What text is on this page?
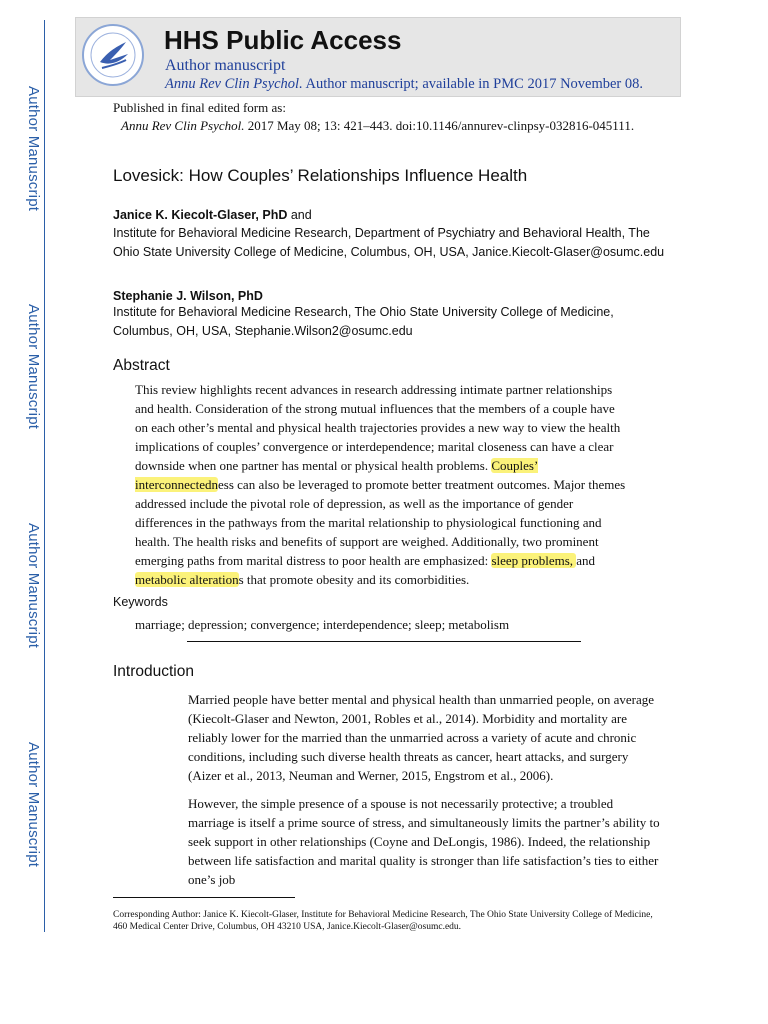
Author Manuscript
Author Manuscript
Author Manuscript
Author Manuscript
HHS Public Access
Author manuscript
Annu Rev Clin Psychol. Author manuscript; available in PMC 2017 November 08.
Published in final edited form as:
Annu Rev Clin Psychol. 2017 May 08; 13: 421–443. doi:10.1146/annurev-clinpsy-032816-045111.
Lovesick: How Couples’ Relationships Influence Health
Janice K. Kiecolt-Glaser, PhD and
Institute for Behavioral Medicine Research, Department of Psychiatry and Behavioral Health, The Ohio State University College of Medicine, Columbus, OH, USA, Janice.Kiecolt-Glaser@osumc.edu
Stephanie J. Wilson, PhD
Institute for Behavioral Medicine Research, The Ohio State University College of Medicine, Columbus, OH, USA, Stephanie.Wilson2@osumc.edu
Abstract
This review highlights recent advances in research addressing intimate partner relationships and health. Consideration of the strong mutual influences that the members of a couple have on each other’s mental and physical health trajectories provides a new way to view the health implications of couples’ convergence or interdependence; marital closeness can have a clear downside when one partner has mental or physical health problems. Couples’ interconnectedness can also be leveraged to promote better treatment outcomes. Major themes addressed include the pivotal role of depression, as well as the importance of gender differences in the pathways from the marital relationship to physiological functioning and health. The health risks and benefits of support are weighed. Additionally, two prominent emerging paths from marital distress to poor health are emphasized: sleep problems, and metabolic alterations that promote obesity and its comorbidities.
Keywords
marriage; depression; convergence; interdependence; sleep; metabolism
Introduction
Married people have better mental and physical health than unmarried people, on average (Kiecolt-Glaser and Newton, 2001, Robles et al., 2014). Morbidity and mortality are reliably lower for the married than the unmarried across a variety of acute and chronic conditions, including such diverse health threats as cancer, heart attacks, and surgery (Aizer et al., 2013, Neuman and Werner, 2015, Engstrom et al., 2006).
However, the simple presence of a spouse is not necessarily protective; a troubled marriage is itself a prime source of stress, and simultaneously limits the partner’s ability to seek support in other relationships (Coyne and DeLongis, 1986). Indeed, the relationship between life satisfaction and marital quality is stronger than life satisfaction’s ties to either one’s job
Corresponding Author: Janice K. Kiecolt-Glaser, Institute for Behavioral Medicine Research, The Ohio State University College of Medicine, 460 Medical Center Drive, Columbus, OH 43210 USA, Janice.Kiecolt-Glaser@osumc.edu.
